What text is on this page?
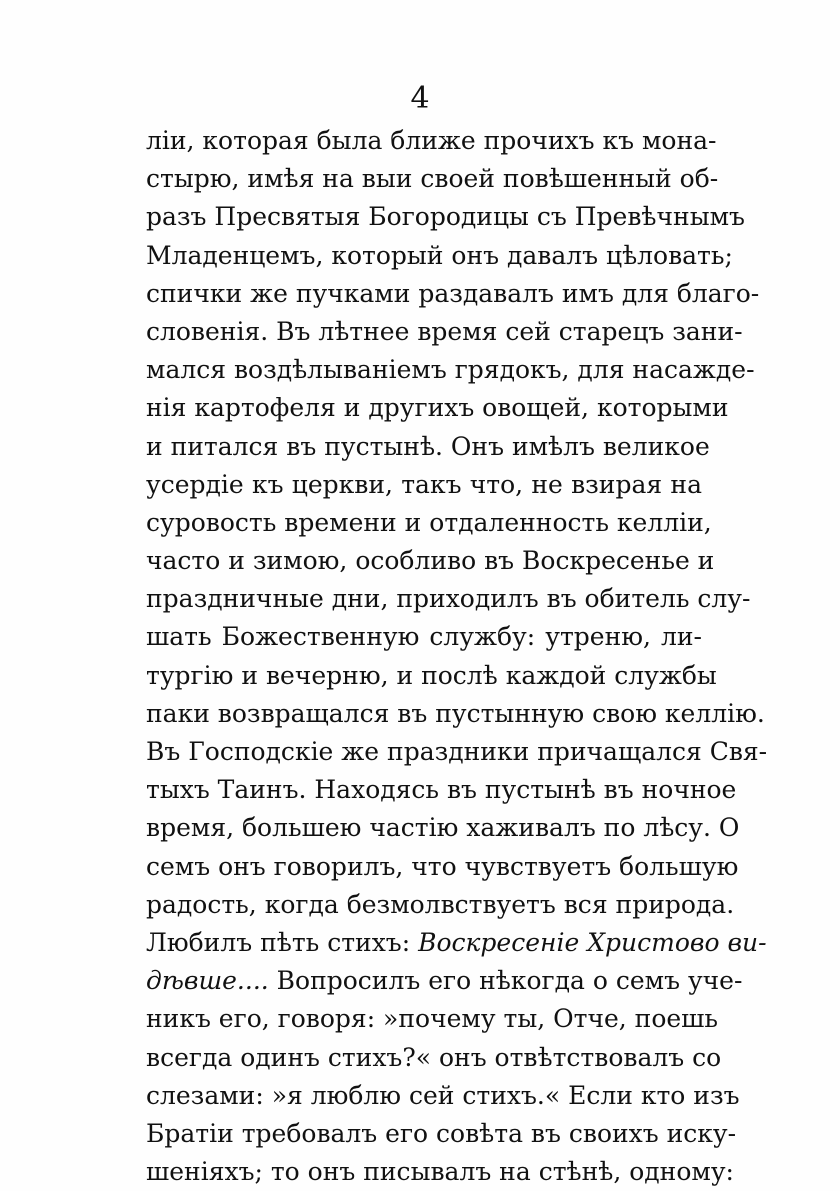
4
лiи, которая была ближе прочихъ къ мона-
стырю, имѣя на выи своей повѣшенный об-
разъ Пресвятыя Богородицы съ Превѣчнымъ
Младенцемъ, который онъ давалъ цѣловать;
спички же пучками раздавалъ имъ для благо-
словенія. Въ лѣтнее время сей старецъ зани-
мался воздѣлываніемъ грядокъ, для насажде-
нія картофеля и другихъ овощей, которыми
и питался въ пустынѣ. Онъ имѣлъ великое
усердіе къ церкви, такъ что, не взирая на
суровость времени и отдаленность келлiи,
часто и зимою, особливо въ Воскресенье и
праздничные дни, приходилъ въ обитель слу-
шать Божественную службу: утреню, ли-
тургію и вечерню, и послѣ каждой службы
паки возвращался въ пустынную свою келлію.
Въ Господскіе же праздники причащался Свя-
тыхъ Таинъ. Находясь въ пустынѣ въ ночное
время, большею частію хаживалъ по лѣсу. О
семъ онъ говорилъ, что чувствуетъ большую
радость, когда безмолвствуетъ вся природа.
Любилъ пѣть стихъ: Воскресеніе Христово ви-
дѣвше.... Вопросилъ его нѣкогда о семъ уче-
никъ его, говоря: »почему ты, Отче, поешь
всегда одинъ стихъ?« онъ отвѣтствовалъ со
слезами: »я люблю сей стихъ.« Если кто изъ
Братіи требовалъ его совѣта въ своихъ иску-
шеніяхъ; то онъ писывалъ на стѣнѣ, одному:
